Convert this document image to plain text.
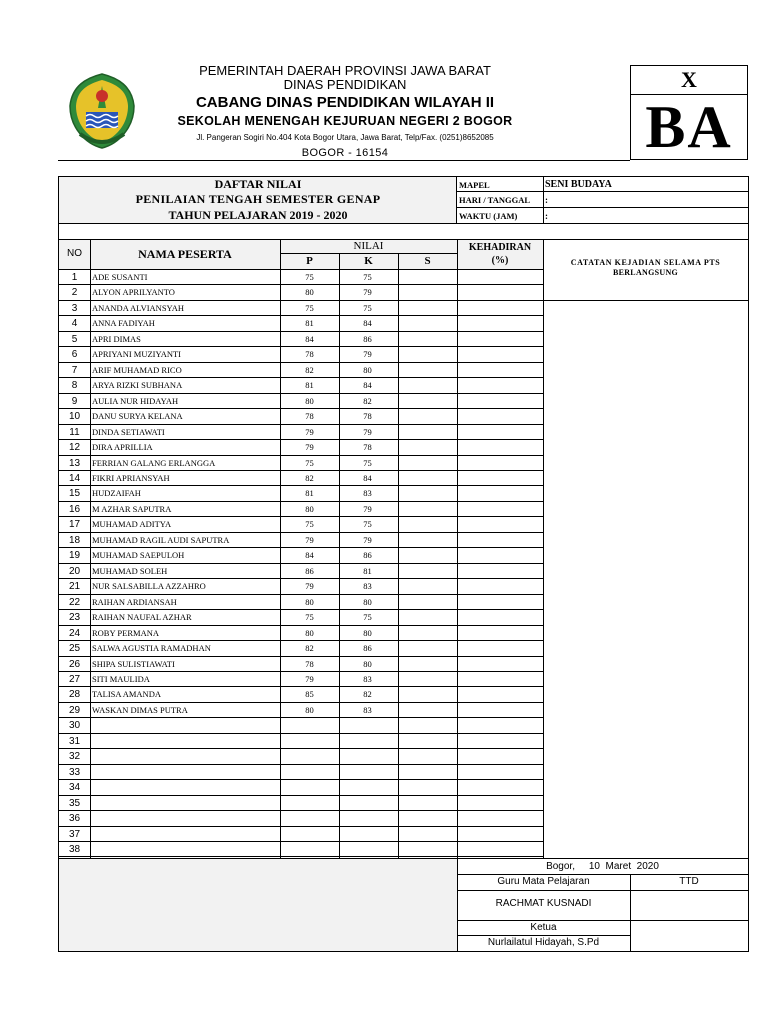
PEMERINTAH DAERAH PROVINSI JAWA BARAT
DINAS PENDIDIKAN
CABANG DINAS PENDIDIKAN WILAYAH II
SEKOLAH MENENGAH KEJURUAN NEGERI 2 BOGOR
Jl. Pangeran Sogiri No.404 Kota Bogor Utara, Jawa Barat, Telp/Fax. (0251)8652085
BOGOR - 16154
X
BA
DAFTAR NILAI
PENILAIAN TENGAH SEMESTER GENAP
TAHUN PELAJARAN 2019 - 2020
MAPEL	SENI BUDAYA
HARI / TANGGAL :
WAKTU (JAM)	:
NO	NAMA PESERTA
NILAI
P	K	S
KEHADIRAN
(%)	CATATAN KEJADIAN SELAMA PTS
BERLANGSUNG
1	ADE SUSANTI	75	75
2	ALYON APRILYANTO	80	79
3	ANANDA ALVIANSYAH	75	75
4	ANNA FADIYAH	81	84
5	APRI DIMAS	84	86
6	APRIYANI MUZIYANTI	78	79
7	ARIF MUHAMAD RICO	82	80
8	ARYA RIZKI SUBHANA	81	84
9	AULIA NUR HIDAYAH	80	82
10	DANU SURYA KELANA	78	78
11	DINDA SETIAWATI	79	79
12	DIRA APRILLIA	79	78
13	FERRIAN GALANG ERLANGGA	75	75
14	FIKRI APRIANSYAH	82	84
15	HUDZAIFAH	81	83
16	M AZHAR SAPUTRA	80	79
17	MUHAMAD ADITYA	75	75
18	MUHAMAD RAGIL AUDI SAPUTRA	79	79
19	MUHAMAD SAEPULOH	84	86
20	MUHAMAD SOLEH	86	81
21	NUR SALSABILLA AZZAHRO	79	83
22	RAIHAN ARDIANSAH	80	80
23	RAIHAN NAUFAL AZHAR	75	75
24	ROBY PERMANA	80	80
25	SALWA AGUSTIA RAMADHAN	82	86
26	SHIPA SULISTIAWATI	78	80
27	SITI MAULIDA	79	83
28	TALISA AMANDA	85	82
29	WASKAN DIMAS PUTRA	80	83
30
31
32
33
34
35
36
37
38
Bogor,     10  Maret  2020
Guru Mata Pelajaran	TTD
RACHMAT KUSNADI
Ketua
Nurlailatul Hidayah, S.Pd
